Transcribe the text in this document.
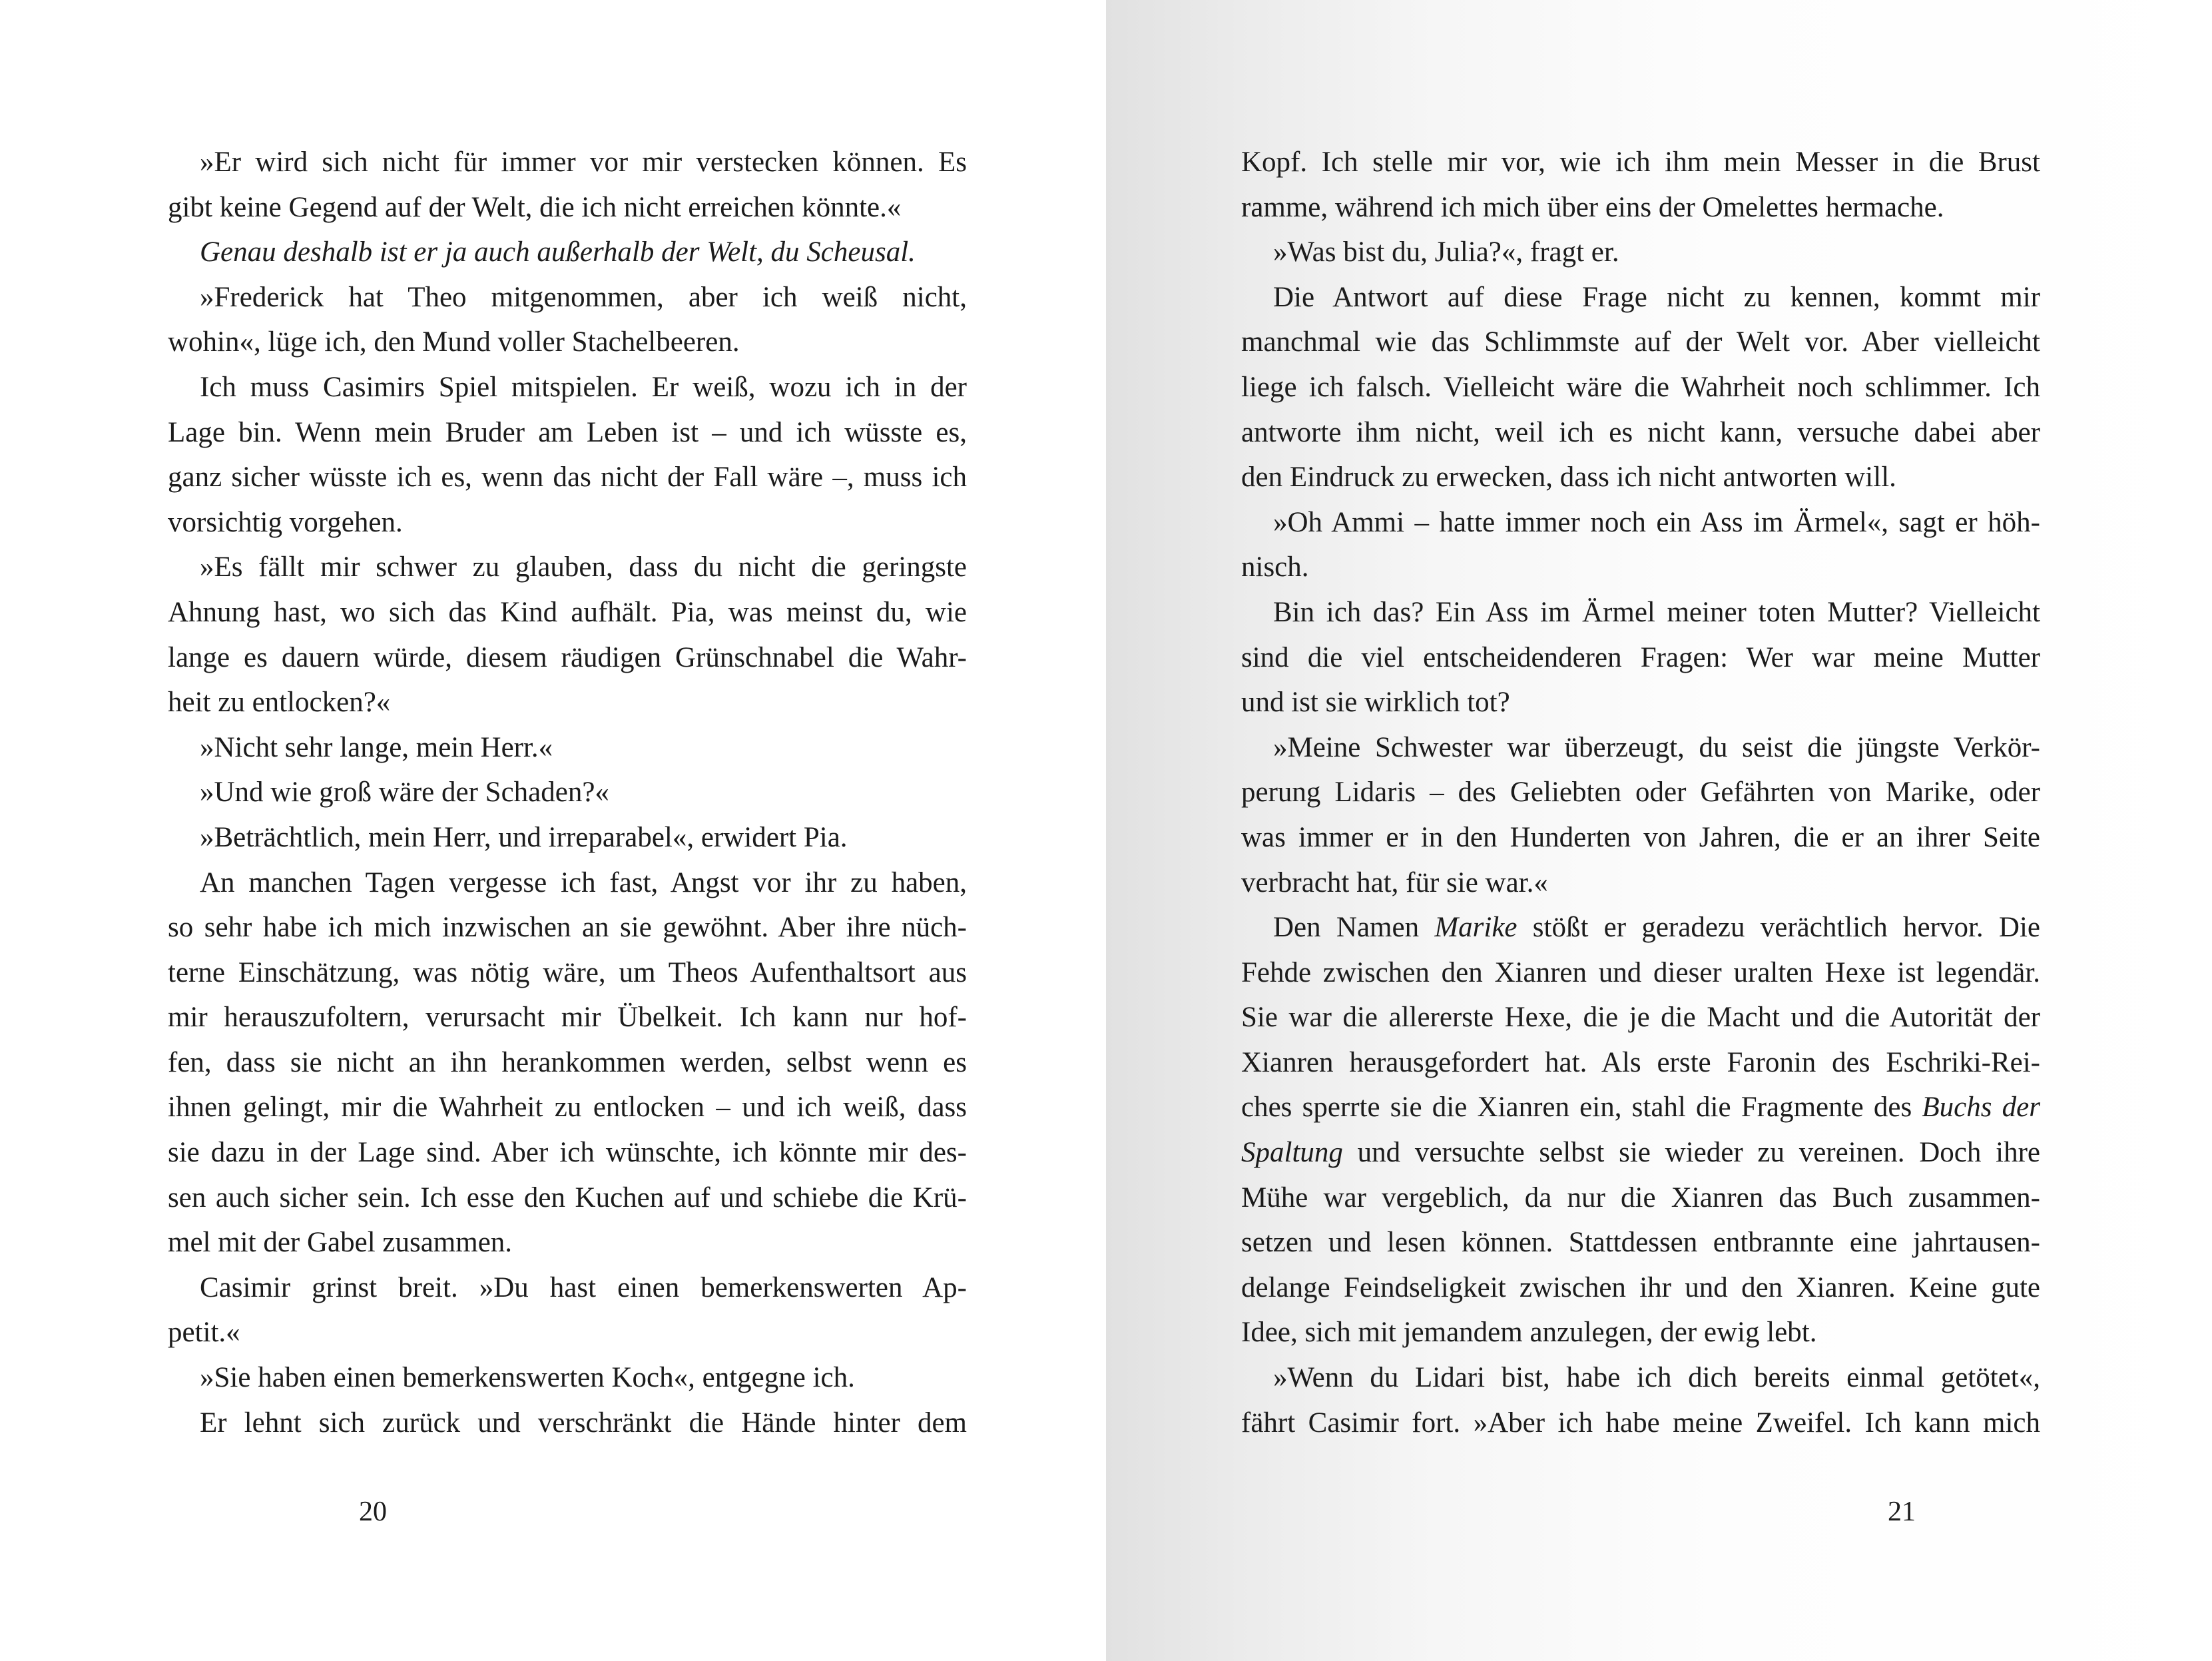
»Er wird sich nicht für immer vor mir verstecken können. Es
gibt keine Gegend auf der Welt, die ich nicht erreichen könnte.«
Genau deshalb ist er ja auch außerhalb der Welt, du Scheusal.
»Frederick hat Theo mitgenommen, aber ich weiß nicht,
wohin«, lüge ich, den Mund voller Stachelbeeren.
Ich muss Casimirs Spiel mitspielen. Er weiß, wozu ich in der
Lage bin. Wenn mein Bruder am Leben ist – und ich wüsste es,
ganz sicher wüsste ich es, wenn das nicht der Fall wäre –, muss ich
vorsichtig vorgehen.
»Es fällt mir schwer zu glauben, dass du nicht die geringste
Ahnung hast, wo sich das Kind aufhält. Pia, was meinst du, wie
lange es dauern würde, diesem räudigen Grünschnabel die Wahr-
heit zu entlocken?«
»Nicht sehr lange, mein Herr.«
»Und wie groß wäre der Schaden?«
»Beträchtlich, mein Herr, und irreparabel«, erwidert Pia.
An manchen Tagen vergesse ich fast, Angst vor ihr zu haben,
so sehr habe ich mich inzwischen an sie gewöhnt. Aber ihre nüch-
terne Einschätzung, was nötig wäre, um Theos Aufenthaltsort aus
mir herauszufoltern, verursacht mir Übelkeit. Ich kann nur hof-
fen, dass sie nicht an ihn herankommen werden, selbst wenn es
ihnen gelingt, mir die Wahrheit zu entlocken – und ich weiß, dass
sie dazu in der Lage sind. Aber ich wünschte, ich könnte mir des-
sen auch sicher sein. Ich esse den Kuchen auf und schiebe die Krü-
mel mit der Gabel zusammen.
Casimir grinst breit. »Du hast einen bemerkenswerten Ap-
petit.«
»Sie haben einen bemerkenswerten Koch«, entgegne ich.
Er lehnt sich zurück und verschränkt die Hände hinter dem
20
Kopf. Ich stelle mir vor, wie ich ihm mein Messer in die Brust
ramme, während ich mich über eins der Omelettes hermache.
»Was bist du, Julia?«, fragt er.
Die Antwort auf diese Frage nicht zu kennen, kommt mir
manchmal wie das Schlimmste auf der Welt vor. Aber vielleicht
liege ich falsch. Vielleicht wäre die Wahrheit noch schlimmer. Ich
antworte ihm nicht, weil ich es nicht kann, versuche dabei aber
den Eindruck zu erwecken, dass ich nicht antworten will.
»Oh Ammi – hatte immer noch ein Ass im Ärmel«, sagt er höh-
nisch.
Bin ich das? Ein Ass im Ärmel meiner toten Mutter? Vielleicht
sind die viel entscheidenderen Fragen: Wer war meine Mutter
und ist sie wirklich tot?
»Meine Schwester war überzeugt, du seist die jüngste Verkör-
perung Lidaris – des Geliebten oder Gefährten von Marike, oder
was immer er in den Hunderten von Jahren, die er an ihrer Seite
verbracht hat, für sie war.«
Den Namen Marike stößt er geradezu verächtlich hervor. Die
Fehde zwischen den Xianren und dieser uralten Hexe ist legendär.
Sie war die allererste Hexe, die je die Macht und die Autorität der
Xianren herausgefordert hat. Als erste Faronin des Eschriki-Rei-
ches sperrte sie die Xianren ein, stahl die Fragmente des Buchs der
Spaltung und versuchte selbst sie wieder zu vereinen. Doch ihre
Mühe war vergeblich, da nur die Xianren das Buch zusammen-
setzen und lesen können. Stattdessen entbrannte eine jahrtausen-
delange Feindseligkeit zwischen ihr und den Xianren. Keine gute
Idee, sich mit jemandem anzulegen, der ewig lebt.
»Wenn du Lidari bist, habe ich dich bereits einmal getötet«,
fährt Casimir fort. »Aber ich habe meine Zweifel. Ich kann mich
21
